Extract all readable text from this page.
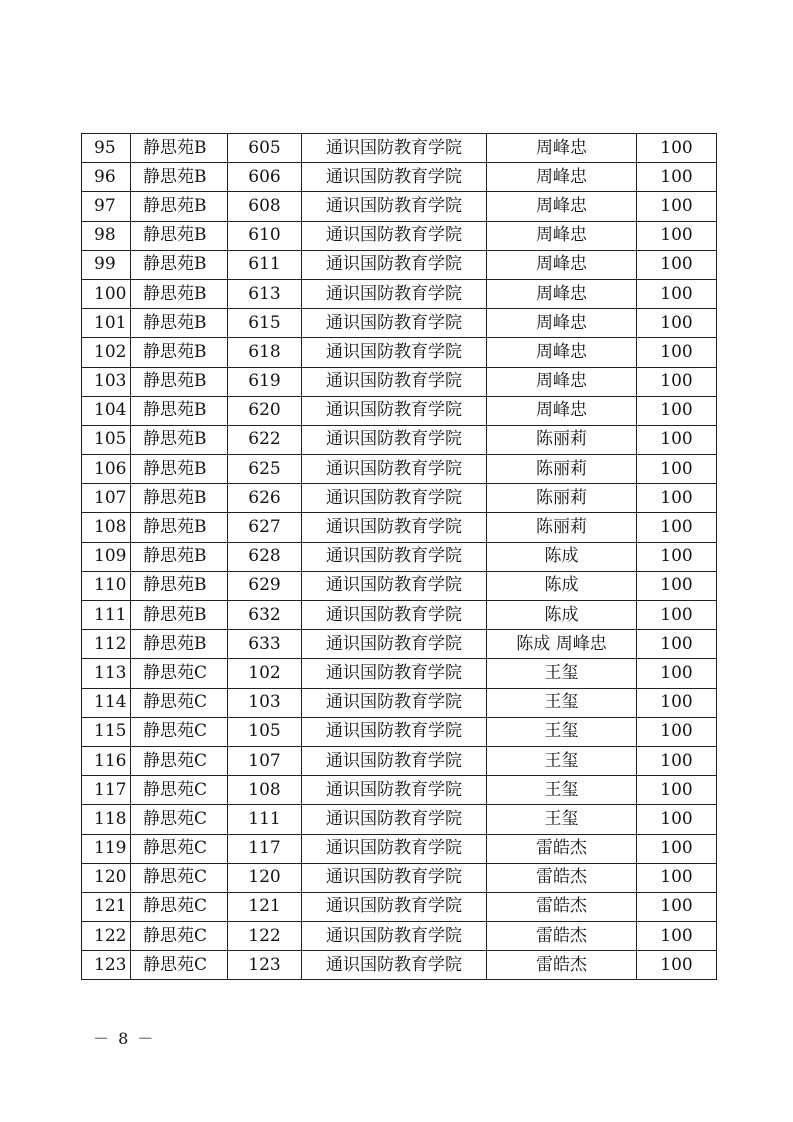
95	静思苑B	605	通识国防教育学院	周峰忠	100
96	静思苑B	606	通识国防教育学院	周峰忠	100
97	静思苑B	608	通识国防教育学院	周峰忠	100
98	静思苑B	610	通识国防教育学院	周峰忠	100
99	静思苑B	611	通识国防教育学院	周峰忠	100
100	静思苑B	613	通识国防教育学院	周峰忠	100
101	静思苑B	615	通识国防教育学院	周峰忠	100
102	静思苑B	618	通识国防教育学院	周峰忠	100
103	静思苑B	619	通识国防教育学院	周峰忠	100
104	静思苑B	620	通识国防教育学院	周峰忠	100
105	静思苑B	622	通识国防教育学院	陈丽莉	100
106	静思苑B	625	通识国防教育学院	陈丽莉	100
107	静思苑B	626	通识国防教育学院	陈丽莉	100
108	静思苑B	627	通识国防教育学院	陈丽莉	100
109	静思苑B	628	通识国防教育学院	陈成	100
110	静思苑B	629	通识国防教育学院	陈成	100
111	静思苑B	632	通识国防教育学院	陈成	100
112	静思苑B	633	通识国防教育学院	陈成 周峰忠	100
113	静思苑C	102	通识国防教育学院	王玺	100
114	静思苑C	103	通识国防教育学院	王玺	100
115	静思苑C	105	通识国防教育学院	王玺	100
116	静思苑C	107	通识国防教育学院	王玺	100
117	静思苑C	108	通识国防教育学院	王玺	100
118	静思苑C	111	通识国防教育学院	王玺	100
119	静思苑C	117	通识国防教育学院	雷皓杰	100
120	静思苑C	120	通识国防教育学院	雷皓杰	100
121	静思苑C	121	通识国防教育学院	雷皓杰	100
122	静思苑C	122	通识国防教育学院	雷皓杰	100
123	静思苑C	123	通识国防教育学院	雷皓杰	100
－ 8 －
